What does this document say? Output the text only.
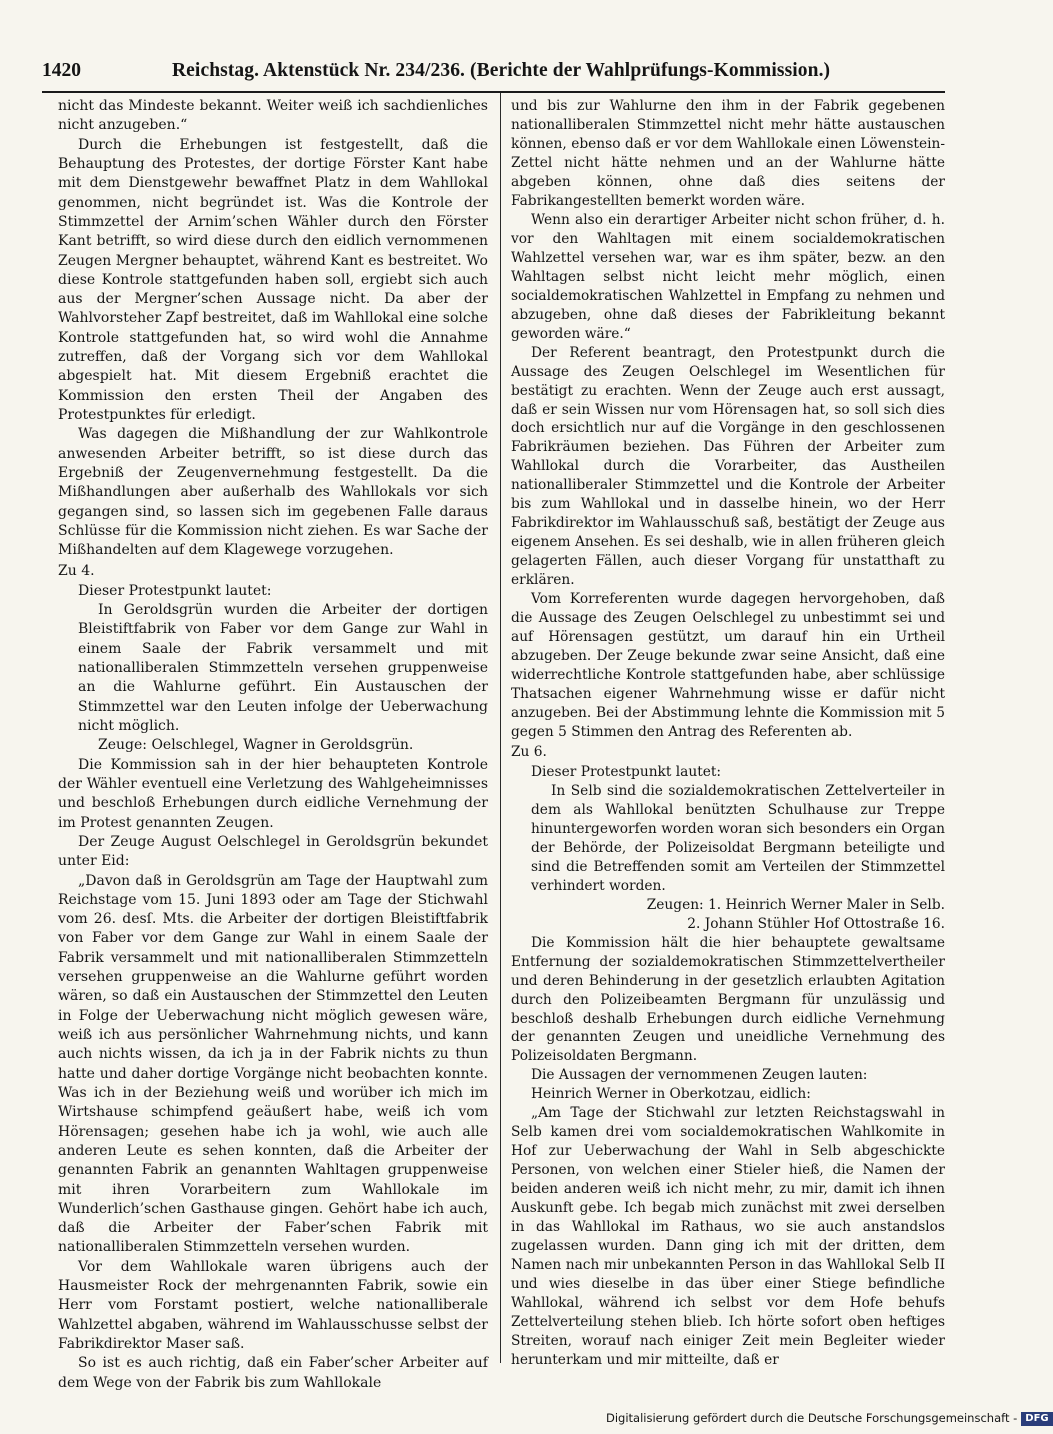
1420	Reichstag. Aktenstück Nr. 234/236. (Berichte der Wahlprüfungs-Kommission.)

nicht das Mindeste bekannt. Weiter weiß ich sachdienliches nicht anzugeben.“

Durch die Erhebungen ist festgestellt, daß die Behauptung des Protestes, der dortige Förster Kant habe mit dem Dienstgewehr bewaffnet Platz in dem Wahllokal genommen, nicht begründet ist. Was die Kontrole der Stimmzettel der Arnim’schen Wähler durch den Förster Kant betrifft, so wird diese durch den eidlich vernommenen Zeugen Mergner behauptet, während Kant es bestreitet. Wo diese Kontrole stattgefunden haben soll, ergiebt sich auch aus der Mergner’schen Aussage nicht. Da aber der Wahlvorsteher Zapf bestreitet, daß im Wahllokal eine solche Kontrole stattgefunden hat, so wird wohl die Annahme zutreffen, daß der Vorgang sich vor dem Wahllokal abgespielt hat. Mit diesem Ergebniß erachtet die Kommission den ersten Theil der Angaben des Protestpunktes für erledigt.

Was dagegen die Mißhandlung der zur Wahlkontrole anwesenden Arbeiter betrifft, so ist diese durch das Ergebniß der Zeugenvernehmung festgestellt. Da die Mißhandlungen aber außerhalb des Wahllokals vor sich gegangen sind, so lassen sich im gegebenen Falle daraus Schlüsse für die Kommission nicht ziehen. Es war Sache der Mißhandelten auf dem Klagewege vorzugehen.

Zu 4.

Dieser Protestpunkt lautet:

In Geroldsgrün wurden die Arbeiter der dortigen Bleistiftfabrik von Faber vor dem Gange zur Wahl in einem Saale der Fabrik versammelt und mit nationalliberalen Stimmzetteln versehen gruppenweise an die Wahlurne geführt. Ein Austauschen der Stimmzettel war den Leuten infolge der Ueberwachung nicht möglich.

Zeuge: Oelschlegel, Wagner in Geroldsgrün.

Die Kommission sah in der hier behaupteten Kontrole der Wähler eventuell eine Verletzung des Wahlgeheimnisses und beschloß Erhebungen durch eidliche Vernehmung der im Protest genannten Zeugen.

Der Zeuge August Oelschlegel in Geroldsgrün bekundet unter Eid:

„Davon daß in Geroldsgrün am Tage der Hauptwahl zum Reichstage vom 15. Juni 1893 oder am Tage der Stichwahl vom 26. desſ. Mts. die Arbeiter der dortigen Bleistiftfabrik von Faber vor dem Gange zur Wahl in einem Saale der Fabrik versammelt und mit nationalliberalen Stimmzetteln versehen gruppenweise an die Wahlurne geführt worden wären, so daß ein Austauschen der Stimmzettel den Leuten in Folge der Ueberwachung nicht möglich gewesen wäre, weiß ich aus persönlicher Wahrnehmung nichts, und kann auch nichts wissen, da ich ja in der Fabrik nichts zu thun hatte und daher dortige Vorgänge nicht beobachten konnte. Was ich in der Beziehung weiß und worüber ich mich im Wirtshause schimpfend geäußert habe, weiß ich vom Hörensagen; gesehen habe ich ja wohl, wie auch alle anderen Leute es sehen konnten, daß die Arbeiter der genannten Fabrik an genannten Wahltagen gruppenweise mit ihren Vorarbeitern zum Wahllokale im Wunderlich’schen Gasthause gingen. Gehört habe ich auch, daß die Arbeiter der Faber’schen Fabrik mit nationalliberalen Stimmzetteln versehen wurden.

Vor dem Wahllokale waren übrigens auch der Hausmeister Rock der mehrgenannten Fabrik, sowie ein Herr vom Forstamt postiert, welche nationalliberale Wahlzettel abgaben, während im Wahlausschusse selbst der Fabrikdirektor Maser saß.

So ist es auch richtig, daß ein Faber’scher Arbeiter auf dem Wege von der Fabrik bis zum Wahllokale

und bis zur Wahlurne den ihm in der Fabrik gegebenen nationalliberalen Stimmzettel nicht mehr hätte austauschen können, ebenso daß er vor dem Wahllokale einen Löwenstein-Zettel nicht hätte nehmen und an der Wahlurne hätte abgeben können, ohne daß dies seitens der Fabrikangestellten bemerkt worden wäre.

Wenn also ein derartiger Arbeiter nicht schon früher, d. h. vor den Wahltagen mit einem socialdemokratischen Wahlzettel versehen war, war es ihm später, bezw. an den Wahltagen selbst nicht leicht mehr möglich, einen socialdemokratischen Wahlzettel in Empfang zu nehmen und abzugeben, ohne daß dieses der Fabrikleitung bekannt geworden wäre.“

Der Referent beantragt, den Protestpunkt durch die Aussage des Zeugen Oelschlegel im Wesentlichen für bestätigt zu erachten. Wenn der Zeuge auch erst aussagt, daß er sein Wissen nur vom Hörensagen hat, so soll sich dies doch ersichtlich nur auf die Vorgänge in den geschlossenen Fabrikräumen beziehen. Das Führen der Arbeiter zum Wahllokal durch die Vorarbeiter, das Austheilen nationalliberaler Stimmzettel und die Kontrole der Arbeiter bis zum Wahllokal und in dasselbe hinein, wo der Herr Fabrikdirektor im Wahlausschuß saß, bestätigt der Zeuge aus eigenem Ansehen. Es sei deshalb, wie in allen früheren gleich gelagerten Fällen, auch dieser Vorgang für unstatthaft zu erklären.

Vom Korreferenten wurde dagegen hervorgehoben, daß die Aussage des Zeugen Oelschlegel zu unbestimmt sei und auf Hörensagen gestützt, um darauf hin ein Urtheil abzugeben. Der Zeuge bekunde zwar seine Ansicht, daß eine widerrechtliche Kontrole stattgefunden habe, aber schlüssige Thatsachen eigener Wahrnehmung wisse er dafür nicht anzugeben. Bei der Abstimmung lehnte die Kommission mit 5 gegen 5 Stimmen den Antrag des Referenten ab.

Zu 6.

Dieser Protestpunkt lautet:

In Selb sind die sozialdemokratischen Zettelverteiler in dem als Wahllokal benützten Schulhause zur Treppe hinuntergeworfen worden woran sich besonders ein Organ der Behörde, der Polizeisoldat Bergmann beteiligte und sind die Betreffenden somit am Verteilen der Stimmzettel verhindert worden.

Zeugen: 1. Heinrich Werner Maler in Selb.

2. Johann Stühler Hof Ottostraße 16.

Die Kommission hält die hier behauptete gewaltsame Entfernung der sozialdemokratischen Stimmzettelvertheiler und deren Behinderung in der gesetzlich erlaubten Agitation durch den Polizeibeamten Bergmann für unzulässig und beschloß deshalb Erhebungen durch eidliche Vernehmung der genannten Zeugen und uneidliche Vernehmung des Polizeisoldaten Bergmann.

Die Aussagen der vernommenen Zeugen lauten:

Heinrich Werner in Oberkotzau, eidlich:

„Am Tage der Stichwahl zur letzten Reichstagswahl in Selb kamen drei vom socialdemokratischen Wahlkomite in Hof zur Ueberwachung der Wahl in Selb abgeschickte Personen, von welchen einer Stieler hieß, die Namen der beiden anderen weiß ich nicht mehr, zu mir, damit ich ihnen Auskunft gebe. Ich begab mich zunächst mit zwei derselben in das Wahllokal im Rathaus, wo sie auch anstandslos zugelassen wurden. Dann ging ich mit der dritten, dem Namen nach mir unbekannten Person in das Wahllokal Selb II und wies dieselbe in das über einer Stiege befindliche Wahllokal, während ich selbst vor dem Hofe behufs Zettelverteilung stehen blieb. Ich hörte sofort oben heftiges Streiten, worauf nach einiger Zeit mein Begleiter wieder herunterkam und mir mitteilte, daß er

Digitalisierung gefördert durch die Deutsche Forschungsgemeinschaft - DFG
